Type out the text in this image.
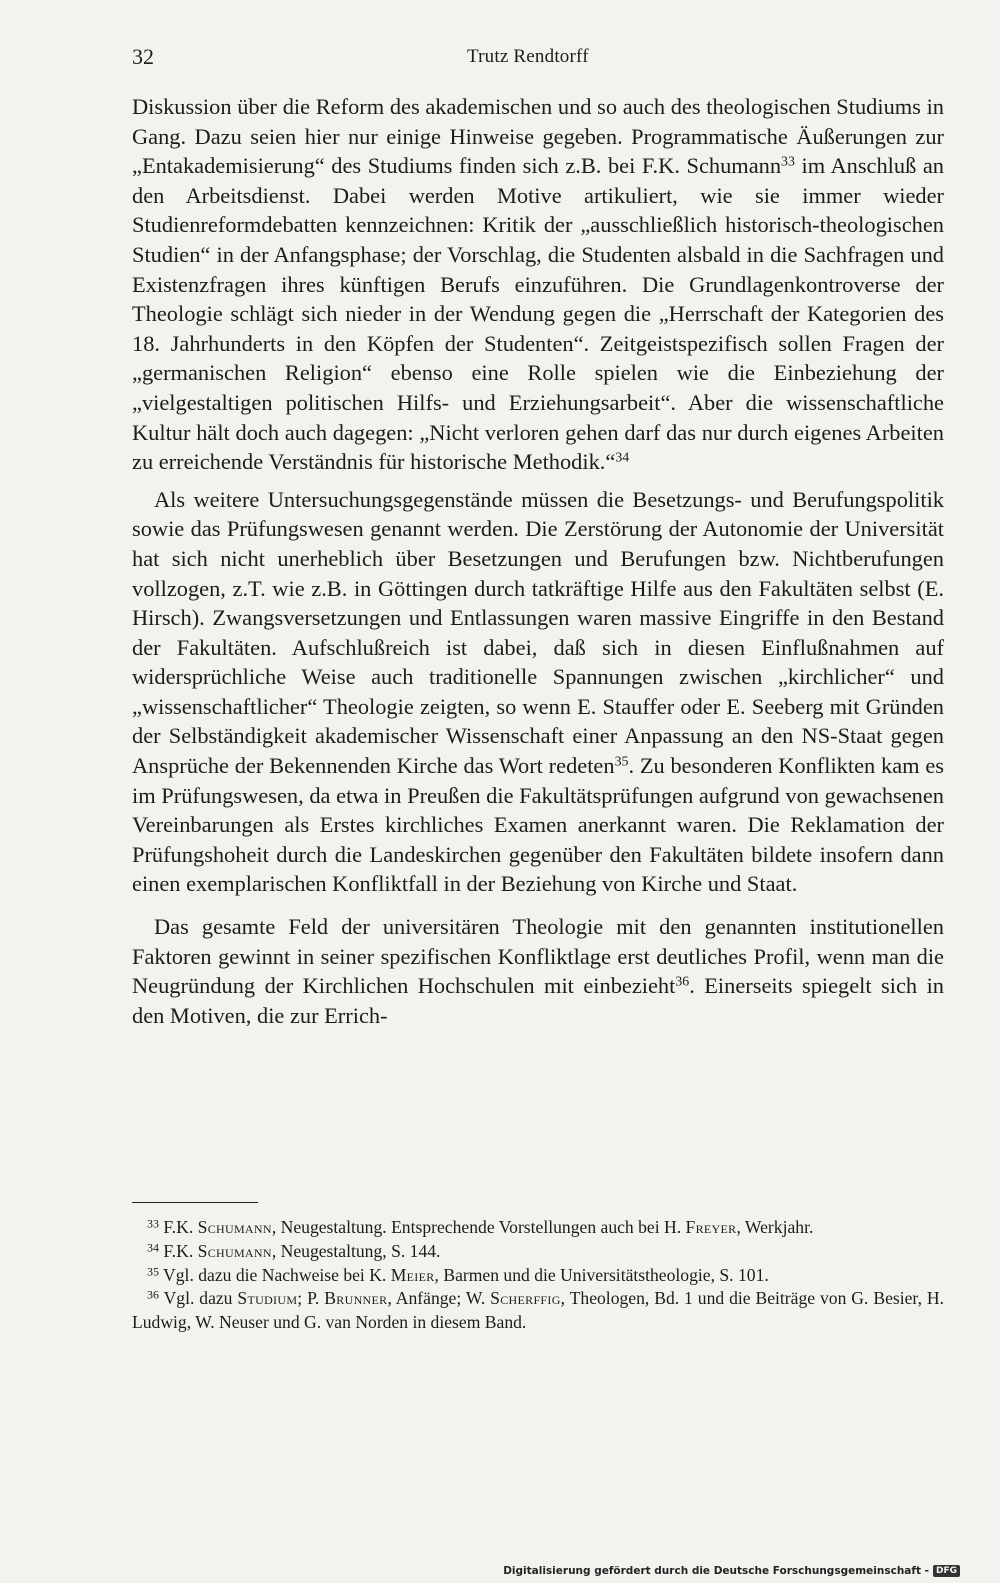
32	Trutz Rendtorff

Diskussion über die Reform des akademischen und so auch des theologischen Studiums in Gang. Dazu seien hier nur einige Hinweise gegeben. Programmatische Äußerungen zur „Entakademisierung“ des Studiums finden sich z.B. bei F.K. Schumann$^{33}$ im Anschluß an den Arbeitsdienst. Dabei werden Motive artikuliert, wie sie immer wieder Studienreformdebatten kennzeichnen: Kritik der „ausschließlich historisch-theologischen Studien“ in der Anfangsphase; der Vorschlag, die Studenten alsbald in die Sachfragen und Existenzfragen ihres künftigen Berufs einzuführen. Die Grundlagenkontroverse der Theologie schlägt sich nieder in der Wendung gegen die „Herrschaft der Kategorien des 18. Jahrhunderts in den Köpfen der Studenten“. Zeitgeistspezifisch sollen Fragen der „germanischen Religion“ ebenso eine Rolle spielen wie die Einbeziehung der „vielgestaltigen politischen Hilfs- und Erziehungsarbeit“. Aber die wissenschaftliche Kultur hält doch auch dagegen: „Nicht verloren gehen darf das nur durch eigenes Arbeiten zu erreichende Verständnis für historische Methodik.“$^{34}$

Als weitere Untersuchungsgegenstände müssen die Besetzungs- und Berufungspolitik sowie das Prüfungswesen genannt werden. Die Zerstörung der Autonomie der Universität hat sich nicht unerheblich über Besetzungen und Berufungen bzw. Nichtberufungen vollzogen, z.T. wie z.B. in Göttingen durch tatkräftige Hilfe aus den Fakultäten selbst (E. Hirsch). Zwangsversetzungen und Entlassungen waren massive Eingriffe in den Bestand der Fakultäten. Aufschlußreich ist dabei, daß sich in diesen Einflußnahmen auf widersprüchliche Weise auch traditionelle Spannungen zwischen „kirchlicher“ und „wissenschaftlicher“ Theologie zeigten, so wenn E. Stauffer oder E. Seeberg mit Gründen der Selbständigkeit akademischer Wissenschaft einer Anpassung an den NS-Staat gegen Ansprüche der Bekennenden Kirche das Wort redeten$^{35}$. Zu besonderen Konflikten kam es im Prüfungswesen, da etwa in Preußen die Fakultätsprüfungen aufgrund von gewachsenen Vereinbarungen als Erstes kirchliches Examen anerkannt waren. Die Reklamation der Prüfungshoheit durch die Landeskirchen gegenüber den Fakultäten bildete insofern dann einen exemplarischen Konfliktfall in der Beziehung von Kirche und Staat.

Das gesamte Feld der universitären Theologie mit den genannten institutionellen Faktoren gewinnt in seiner spezifischen Konfliktlage erst deutliches Profil, wenn man die Neugründung der Kirchlichen Hochschulen mit einbezieht$^{36}$. Einerseits spiegelt sich in den Motiven, die zur Errich-

$^{33}$ F.K. Schumann, Neugestaltung. Entsprechende Vorstellungen auch bei H. Freyer, Werkjahr.

$^{34}$ F.K. Schumann, Neugestaltung, S. 144.

$^{35}$ Vgl. dazu die Nachweise bei K. Meier, Barmen und die Universitätstheologie, S. 101.

$^{36}$ Vgl. dazu Studium; P. Brunner, Anfänge; W. Scherffig, Theologen, Bd. 1 und die Beiträge von G. Besier, H. Ludwig, W. Neuser und G. van Norden in diesem Band.

Digitalisierung gefördert durch die Deutsche Forschungsgemeinschaft - DFG
